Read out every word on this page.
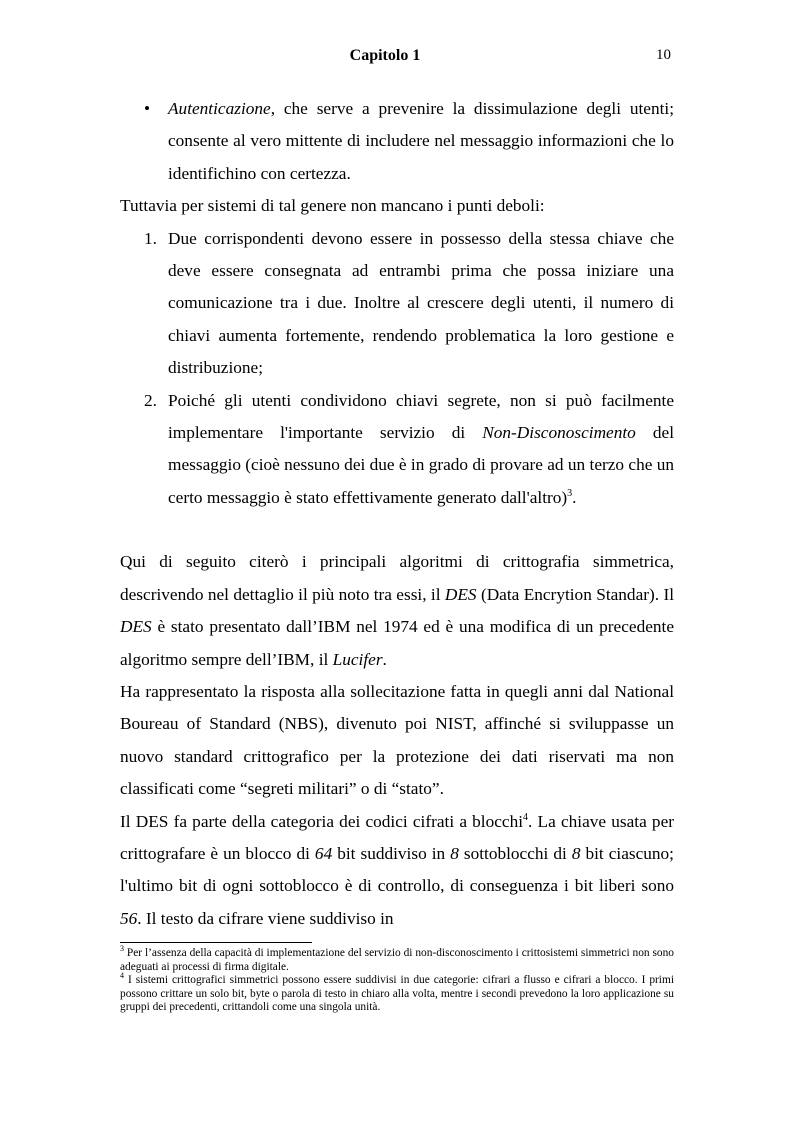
Capitolo 1	10

• Autenticazione, che serve a prevenire la dissimulazione degli utenti; consente al vero mittente di includere nel messaggio informazioni che lo identifichino con certezza.

Tuttavia per sistemi di tal genere non mancano i punti deboli:

1. Due corrispondenti devono essere in possesso della stessa chiave che deve essere consegnata ad entrambi prima che possa iniziare una comunicazione tra i due. Inoltre al crescere degli utenti, il numero di chiavi aumenta fortemente, rendendo problematica la loro gestione e distribuzione;

2. Poiché gli utenti condividono chiavi segrete, non si può facilmente implementare l'importante servizio di Non-Disconoscimento del messaggio (cioè nessuno dei due è in grado di provare ad un terzo che un certo messaggio è stato effettivamente generato dall'altro)$^3$.

Qui di seguito citerò i principali algoritmi di crittografia simmetrica, descrivendo nel dettaglio il più noto tra essi, il DES (Data Encrytion Standar). Il DES è stato presentato dall’IBM nel 1974 ed è una modifica di un precedente algoritmo sempre dell’IBM, il Lucifer.

Ha rappresentato la risposta alla sollecitazione fatta in quegli anni dal National Boureau of Standard (NBS), divenuto poi NIST, affinché si sviluppasse un nuovo standard crittografico per la protezione dei dati riservati ma non classificati come “segreti militari” o di “stato”.

Il DES fa parte della categoria dei codici cifrati a blocchi$^4$. La chiave usata per crittografare è un blocco di 64 bit suddiviso in 8 sottoblocchi di 8 bit ciascuno; l'ultimo bit di ogni sottoblocco è di controllo, di conseguenza i bit liberi sono 56. Il testo da cifrare viene suddiviso in

$^3$ Per l’assenza della capacità di implementazione del servizio di non-disconoscimento i crittosistemi simmetrici non sono adeguati ai processi di firma digitale.

$^4$ I sistemi crittografici simmetrici possono essere suddivisi in due categorie: cifrari a flusso e cifrari a blocco. I primi possono crittare un solo bit, byte o parola di testo in chiaro alla volta, mentre i secondi prevedono la loro applicazione su gruppi dei precedenti, crittandoli come una singola unità.
